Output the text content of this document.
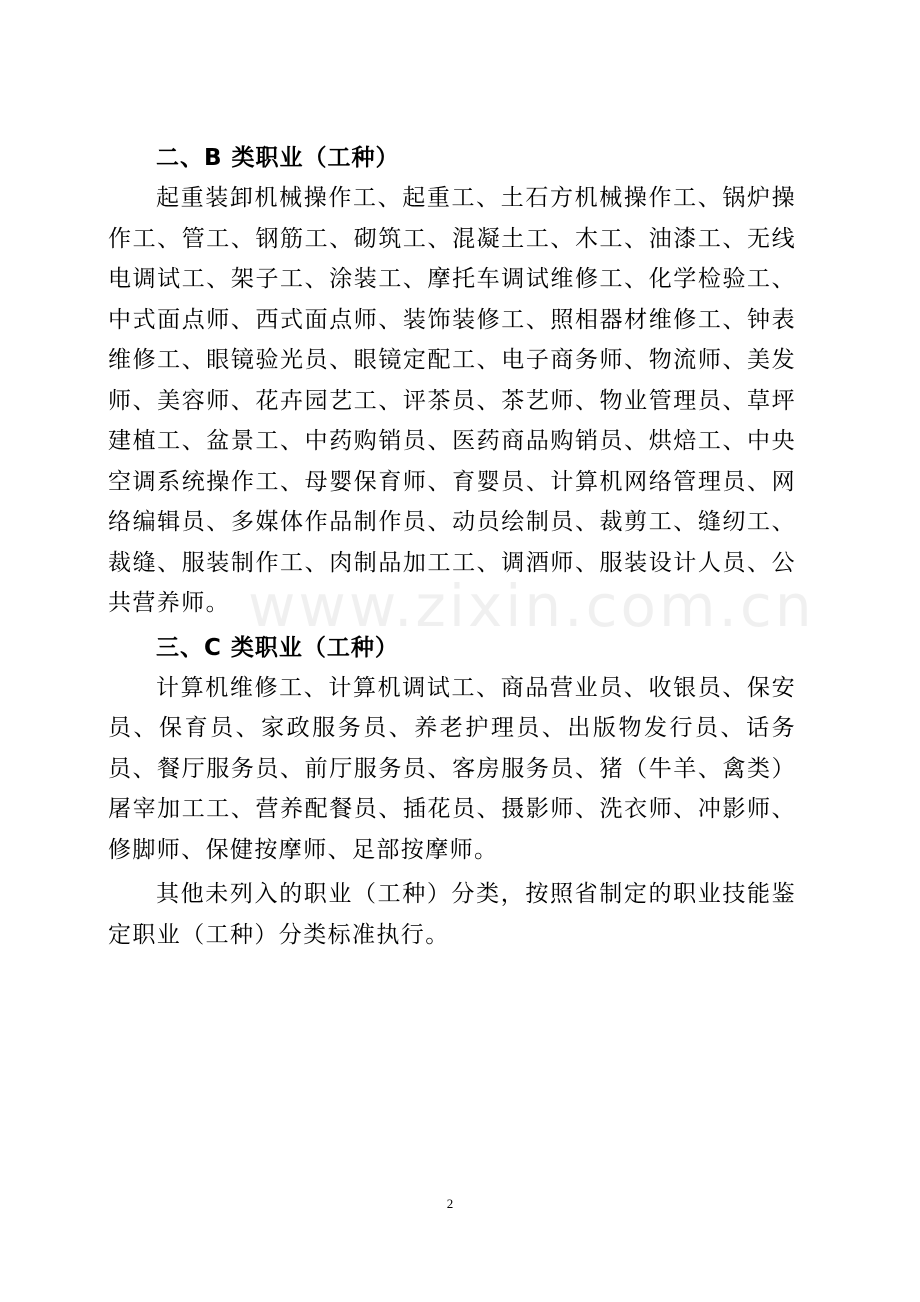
www.zixin.com.cn

二、B 类职业（工种）

起重装卸机械操作工、起重工、土石方机械操作工、锅炉操作工、管工、钢筋工、砌筑工、混凝土工、木工、油漆工、无线电调试工、架子工、涂装工、摩托车调试维修工、化学检验工、中式面点师、西式面点师、装饰装修工、照相器材维修工、钟表维修工、眼镜验光员、眼镜定配工、电子商务师、物流师、美发师、美容师、花卉园艺工、评茶员、茶艺师、物业管理员、草坪建植工、盆景工、中药购销员、医药商品购销员、烘焙工、中央空调系统操作工、母婴保育师、育婴员、计算机网络管理员、网络编辑员、多媒体作品制作员、动员绘制员、裁剪工、缝纫工、裁缝、服装制作工、肉制品加工工、调酒师、服装设计人员、公共营养师。

三、C 类职业（工种）

计算机维修工、计算机调试工、商品营业员、收银员、保安员、保育员、家政服务员、养老护理员、出版物发行员、话务员、餐厅服务员、前厅服务员、客房服务员、猪（牛羊、禽类）屠宰加工工、营养配餐员、插花员、摄影师、洗衣师、冲影师、修脚师、保健按摩师、足部按摩师。

其他未列入的职业（工种）分类，按照省制定的职业技能鉴定职业（工种）分类标准执行。

2
